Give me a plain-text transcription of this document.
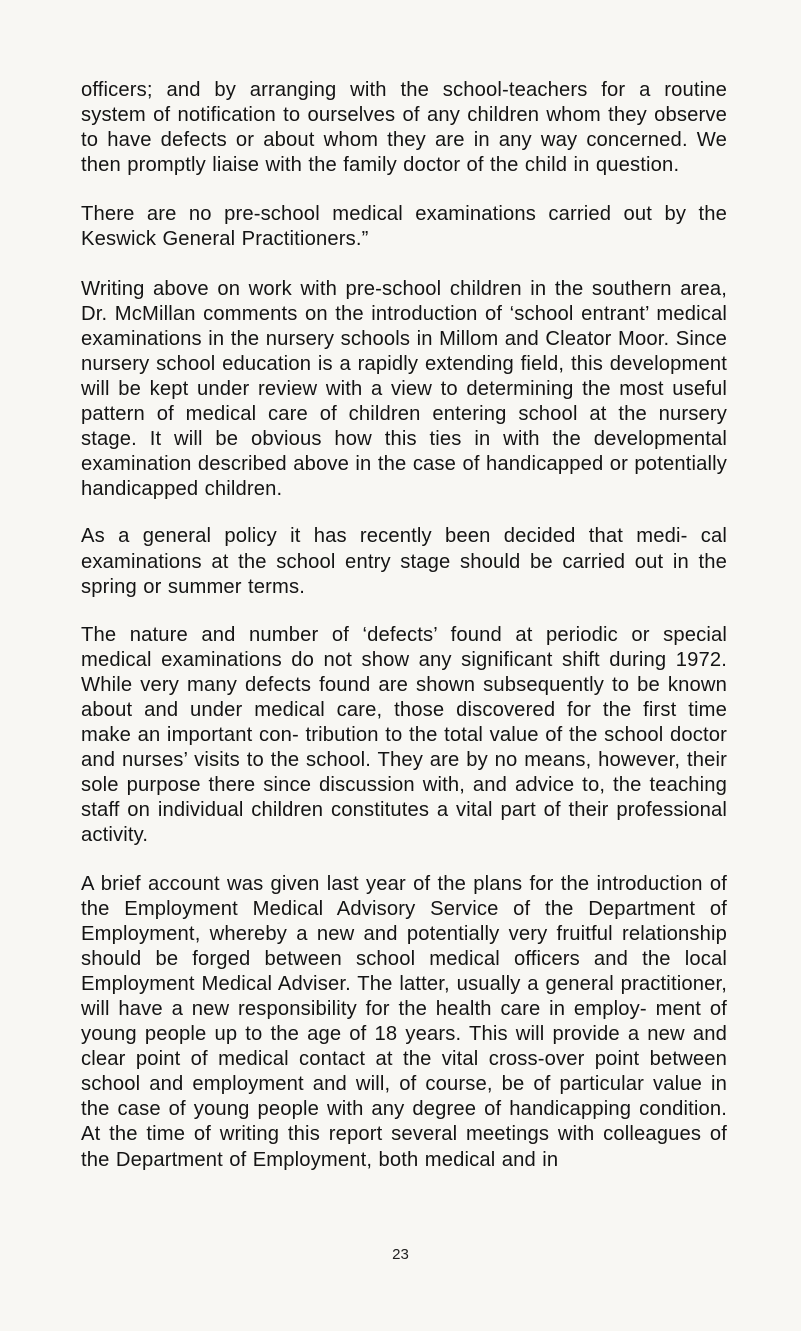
officers; and by arranging with the school-teachers for a routine system of notification to ourselves of any children whom they observe to have defects or about whom they are in any way concerned. We then promptly liaise with the family doctor of the child in question.

There are no pre-school medical examinations carried out by the Keswick General Practitioners.”

Writing above on work with pre-school children in the southern area, Dr. McMillan comments on the introduction of ‘school entrant’ medical examinations in the nursery schools in Millom and Cleator Moor. Since nursery school education is a rapidly extending field, this development will be kept under review with a view to determining the most useful pattern of medical care of children entering school at the nursery stage. It will be obvious how this ties in with the developmental examination described above in the case of handicapped or potentially handicapped children.

As a general policy it has recently been decided that medi- cal examinations at the school entry stage should be carried out in the spring or summer terms.

The nature and number of ‘defects’ found at periodic or special medical examinations do not show any significant shift during 1972. While very many defects found are shown subsequently to be known about and under medical care, those discovered for the first time make an important con- tribution to the total value of the school doctor and nurses’ visits to the school. They are by no means, however, their sole purpose there since discussion with, and advice to, the teaching staff on individual children constitutes a vital part of their professional activity.

A brief account was given last year of the plans for the introduction of the Employment Medical Advisory Service of the Department of Employment, whereby a new and potentially very fruitful relationship should be forged between school medical officers and the local Employment Medical Adviser. The latter, usually a general practitioner, will have a new responsibility for the health care in employ- ment of young people up to the age of 18 years. This will provide a new and clear point of medical contact at the vital cross-over point between school and employment and will, of course, be of particular value in the case of young people with any degree of handicapping condition. At the time of writing this report several meetings with colleagues of the Department of Employment, both medical and in

23
